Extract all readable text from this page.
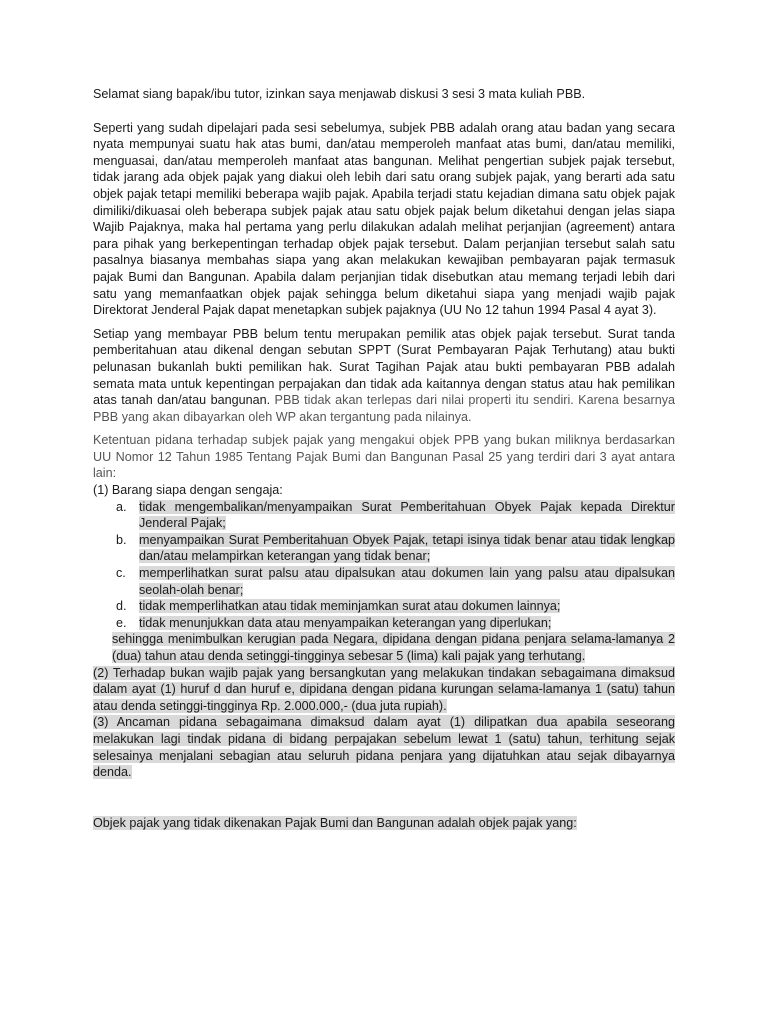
Selamat siang bapak/ibu tutor, izinkan saya menjawab diskusi 3 sesi 3 mata kuliah PBB.

Seperti yang sudah dipelajari pada sesi sebelumya, subjek PBB adalah orang atau badan yang secara nyata mempunyai suatu hak atas bumi, dan/atau memperoleh manfaat atas bumi, dan/atau memiliki, menguasai, dan/atau memperoleh manfaat atas bangunan. Melihat pengertian subjek pajak tersebut, tidak jarang ada objek pajak yang diakui oleh lebih dari satu orang subjek pajak, yang berarti ada satu objek pajak tetapi memiliki beberapa wajib pajak. Apabila terjadi statu kejadian dimana satu objek pajak dimiliki/dikuasai oleh beberapa subjek pajak atau satu objek pajak belum diketahui dengan jelas siapa Wajib Pajaknya, maka hal pertama yang perlu dilakukan adalah melihat perjanjian (agreement) antara para pihak yang berkepentingan terhadap objek pajak tersebut. Dalam perjanjian tersebut salah satu pasalnya biasanya membahas siapa yang akan melakukan kewajiban pembayaran pajak termasuk pajak Bumi dan Bangunan. Apabila dalam perjanjian tidak disebutkan atau memang terjadi lebih dari satu yang memanfaatkan objek pajak sehingga belum diketahui siapa yang menjadi wajib pajak Direktorat Jenderal Pajak dapat menetapkan subjek pajaknya (UU No 12 tahun 1994 Pasal 4 ayat 3).

Setiap yang membayar PBB belum tentu merupakan pemilik atas objek pajak tersebut. Surat tanda pemberitahuan atau dikenal dengan sebutan SPPT (Surat Pembayaran Pajak Terhutang) atau bukti pelunasan bukanlah bukti pemilikan hak. Surat Tagihan Pajak atau bukti pembayaran PBB adalah semata mata untuk kepentingan perpajakan dan tidak ada kaitannya dengan status atau hak pemilikan atas tanah dan/atau bangunan. PBB tidak akan terlepas dari nilai properti itu sendiri. Karena besarnya PBB yang akan dibayarkan oleh WP akan tergantung pada nilainya.

Ketentuan pidana terhadap subjek pajak yang mengakui objek PPB yang bukan miliknya berdasarkan UU Nomor 12 Tahun 1985 Tentang Pajak Bumi dan Bangunan Pasal 25 yang terdiri dari 3 ayat antara lain:

(1) Barang siapa dengan sengaja:
a. tidak mengembalikan/menyampaikan Surat Pemberitahuan Obyek Pajak kepada Direktur Jenderal Pajak;
b. menyampaikan Surat Pemberitahuan Obyek Pajak, tetapi isinya tidak benar atau tidak lengkap dan/atau melampirkan keterangan yang tidak benar;
c. memperlihatkan surat palsu atau dipalsukan atau dokumen lain yang palsu atau dipalsukan seolah-olah benar;
d. tidak memperlihatkan atau tidak meminjamkan surat atau dokumen lainnya;
e. tidak menunjukkan data atau menyampaikan keterangan yang diperlukan;
sehingga menimbulkan kerugian pada Negara, dipidana dengan pidana penjara selama-lamanya 2 (dua) tahun atau denda setinggi-tingginya sebesar 5 (lima) kali pajak yang terhutang.
(2) Terhadap bukan wajib pajak yang bersangkutan yang melakukan tindakan sebagaimana dimaksud dalam ayat (1) huruf d dan huruf e, dipidana dengan pidana kurungan selama-lamanya 1 (satu) tahun atau denda setinggi-tingginya Rp. 2.000.000,- (dua juta rupiah).
(3) Ancaman pidana sebagaimana dimaksud dalam ayat (1) dilipatkan dua apabila seseorang melakukan lagi tindak pidana di bidang perpajakan sebelum lewat 1 (satu) tahun, terhitung sejak selesainya menjalani sebagian atau seluruh pidana penjara yang dijatuhkan atau sejak dibayarnya denda.
Objek pajak yang tidak dikenakan Pajak Bumi dan Bangunan adalah objek pajak yang:
